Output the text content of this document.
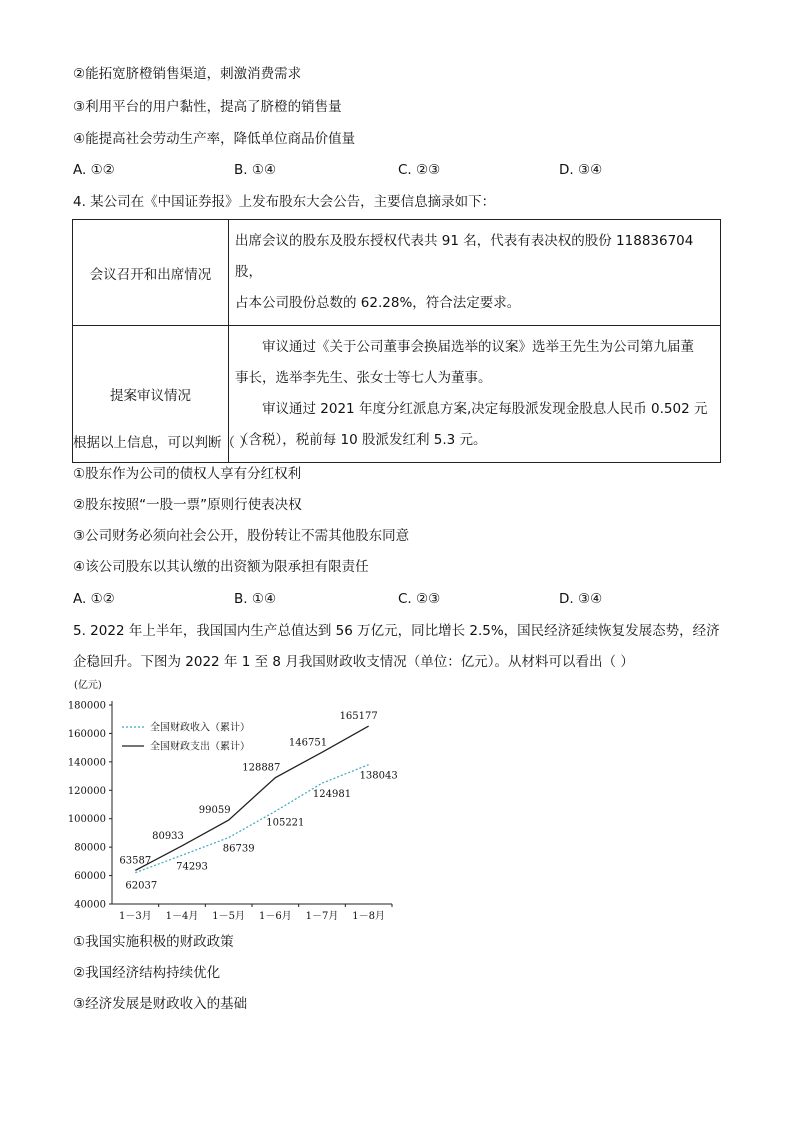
②能拓宽脐橙销售渠道，刺激消费需求
③利用平台的用户黏性，提高了脐橙的销售量
④能提高社会劳动生产率，降低单位商品价值量
A. ①②	B. ①④	C. ②③	D. ③④
4. 某公司在《中国证券报》上发布股东大会公告，主要信息摘录如下：
会议召开和出席情况	出席会议的股东及股东授权代表共 91 名，代表有表决权的股份 118836704 股，
占本公司股份总数的 62.28%，符合法定要求。

提案审议情况	审议通过《关于公司董事会换届选举的议案》选举王先生为公司第九届董
事长，选举李先生、张女士等七人为董事。
审议通过 2021 年度分红派息方案,决定每股派发现金股息人民币 0.502 元
（含税），税前每 10 股派发红利 5.3 元。
根据以上信息，可以判断（ ）
①股东作为公司的债权人享有分红权利
②股东按照“一股一票”原则行使表决权
③公司财务必须向社会公开，股份转让不需其他股东同意
④该公司股东以其认缴的出资额为限承担有限责任
A. ①②	B. ①④	C. ②③	D. ③④
5. 2022 年上半年，我国国内生产总值达到 56 万亿元，同比增长 2.5%，国民经济延续恢复发展态势，经济
企稳回升。下图为 2022 年 1 至 8 月我国财政收支情况（单位：亿元）。从材料可以看出（ ）
(亿元)
40000
60000
80000
100000
120000
140000
160000
180000
1－3月 1－4月 1－5月 1－6月 1－7月 1－8月
62037
74293
86739
105221
124981
138043
63587
80933
99059
128887
146751
165177
全国财政收入（累计）
全国财政支出（累计）
①我国实施积极的财政政策
②我国经济结构持续优化
③经济发展是财政收入的基础
